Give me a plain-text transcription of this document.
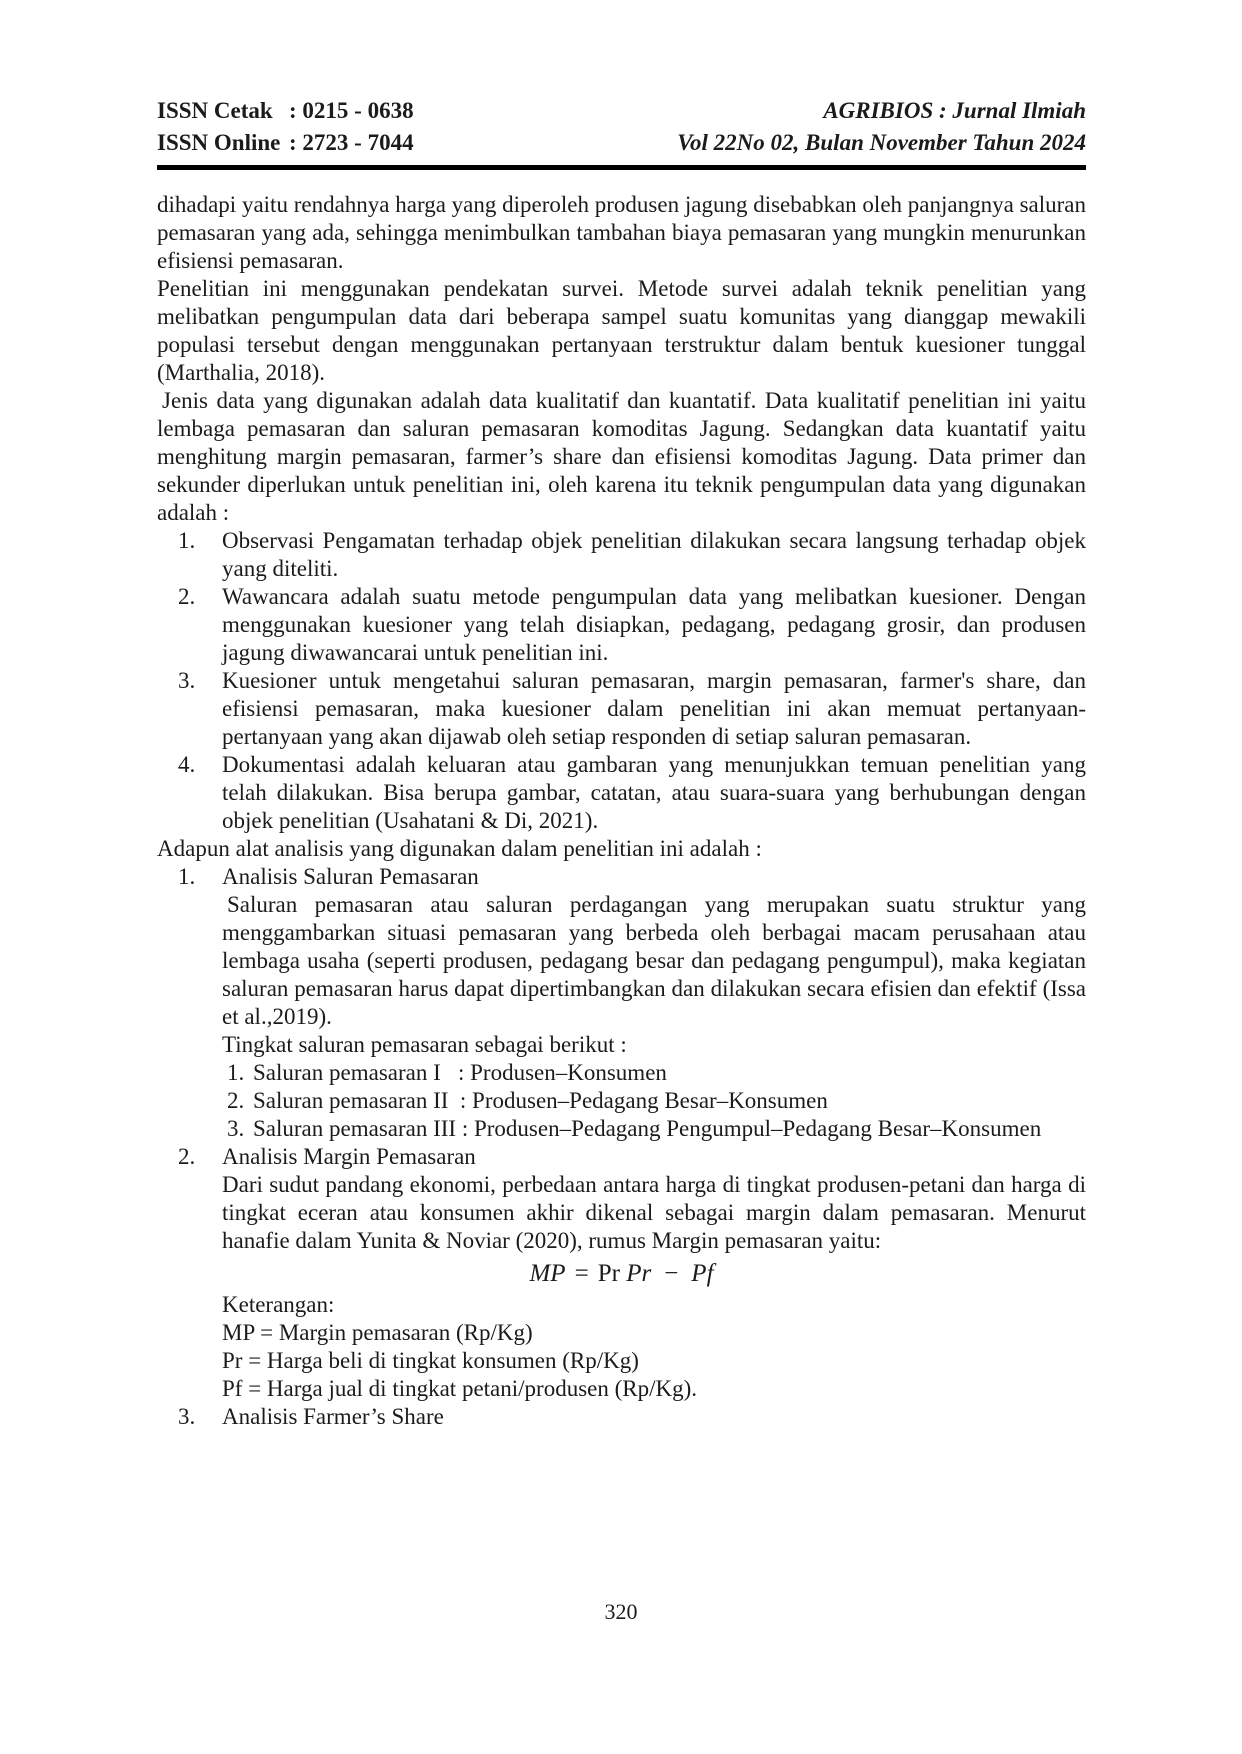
ISSN Cetak : 0215 - 0638
ISSN Online : 2723 - 7044
AGRIBIOS : Jurnal Ilmiah
Vol 22No 02, Bulan November Tahun 2024

dihadapi yaitu rendahnya harga yang diperoleh produsen jagung disebabkan oleh panjangnya saluran pemasaran yang ada, sehingga menimbulkan tambahan biaya pemasaran yang mungkin menurunkan efisiensi pemasaran.

Penelitian ini menggunakan pendekatan survei. Metode survei adalah teknik penelitian yang melibatkan pengumpulan data dari beberapa sampel suatu komunitas yang dianggap mewakili populasi tersebut dengan menggunakan pertanyaan terstruktur dalam bentuk kuesioner tunggal (Marthalia, 2018).

Jenis data yang digunakan adalah data kualitatif dan kuantatif. Data kualitatif penelitian ini yaitu lembaga pemasaran dan saluran pemasaran komoditas Jagung. Sedangkan data kuantatif yaitu menghitung margin pemasaran, farmer’s share dan efisiensi komoditas Jagung. Data primer dan sekunder diperlukan untuk penelitian ini, oleh karena itu teknik pengumpulan data yang digunakan adalah :

1. Observasi Pengamatan terhadap objek penelitian dilakukan secara langsung terhadap objek yang diteliti.
2. Wawancara adalah suatu metode pengumpulan data yang melibatkan kuesioner. Dengan menggunakan kuesioner yang telah disiapkan, pedagang, pedagang grosir, dan produsen jagung diwawancarai untuk penelitian ini.
3. Kuesioner untuk mengetahui saluran pemasaran, margin pemasaran, farmer's share, dan efisiensi pemasaran, maka kuesioner dalam penelitian ini akan memuat pertanyaan-pertanyaan yang akan dijawab oleh setiap responden di setiap saluran pemasaran.
4. Dokumentasi adalah keluaran atau gambaran yang menunjukkan temuan penelitian yang telah dilakukan. Bisa berupa gambar, catatan, atau suara-suara yang berhubungan dengan objek penelitian (Usahatani & Di, 2021).

Adapun alat analisis yang digunakan dalam penelitian ini adalah :

1. Analisis Saluran Pemasaran
Saluran pemasaran atau saluran perdagangan yang merupakan suatu struktur yang menggambarkan situasi pemasaran yang berbeda oleh berbagai macam perusahaan atau lembaga usaha (seperti produsen, pedagang besar dan pedagang pengumpul), maka kegiatan saluran pemasaran harus dapat dipertimbangkan dan dilakukan secara efisien dan efektif (Issa et al.,2019).
Tingkat saluran pemasaran sebagai berikut :
1. Saluran pemasaran I   : Produsen–Konsumen
2. Saluran pemasaran II  : Produsen–Pedagang Besar–Konsumen
3. Saluran pemasaran III : Produsen–Pedagang Pengumpul–Pedagang Besar–Konsumen
2. Analisis Margin Pemasaran
Dari sudut pandang ekonomi, perbedaan antara harga di tingkat produsen-petani dan harga di tingkat eceran atau konsumen akhir dikenal sebagai margin dalam pemasaran. Menurut hanafie dalam Yunita & Noviar (2020), rumus Margin pemasaran yaitu:
MP = Pr Pr − Pf
Keterangan:
MP = Margin pemasaran (Rp/Kg)
Pr = Harga beli di tingkat konsumen (Rp/Kg)
Pf = Harga jual di tingkat petani/produsen (Rp/Kg).
3. Analisis Farmer’s Share
320
